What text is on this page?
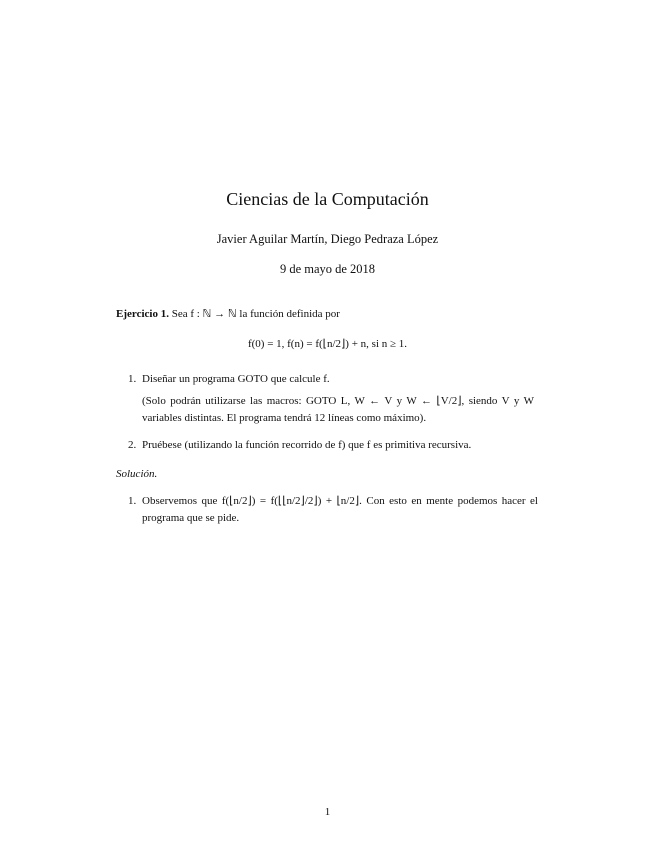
Ciencias de la Computación
Javier Aguilar Martín, Diego Pedraza López
9 de mayo de 2018
Ejercicio 1. Sea f : ℕ → ℕ la función definida por
f(0) = 1, f(n) = f(⌊n/2⌋) + n, si n ≥ 1.
1. Diseñar un programa GOTO que calcule f.
(Solo podrán utilizarse las macros: GOTO L, W ← V y W ← ⌊V/2⌋, siendo V y W variables distintas. El programa tendrá 12 líneas como máximo).
2. Pruébese (utilizando la función recorrido de f) que f es primitiva recursiva.
Solución.
1. Observemos que f(⌊n/2⌋) = f(⌊⌊n/2⌋/2⌋) + ⌊n/2⌋. Con esto en mente podemos hacer el programa que se pide.
1
